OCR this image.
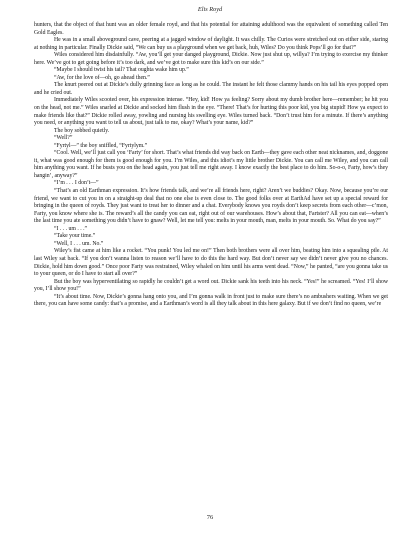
Elis Royd

hunters, that the object of that hunt was an older female royd, and that his potential for attaining adulthood was the equivalent of something called Ten Gold Eagles.

He was in a small aboveground cave, peering at a jagged window of daylight. It was chilly. The Curios were stretched out on either side, staring at nothing in particular. Finally Dickie said, “We can buy us a playground when we get back, huh, Wiles? Do you think Pops’ll go for that?”

Wiles considered him disdainfully. “Aw, you’ll get your danged playground, Dickie. Now just shut up, willya? I’m trying to exercise my thinker here. We’ve got to get going before it’s too dark, and we’ve got to make sure this kid’s on our side.”

“Maybe I should twist his tail? That oughta wake him up.”

“Aw, for the love of—oh, go ahead then.”

The knurt peered out at Dickie’s dully grinning face as long as he could. The instant he felt those clammy hands on his tail his eyes popped open and he cried out.

Immediately Wiles scooted over, his expression intense. “Hey, kid! How ya feeling? Sorry about my dumb brother here—remember; he hit you on the head, not me.” Wiles snarled at Dickie and socked him flush in the eye. “There! That’s for hurting this poor kid, you big stupid! How ya expect to make friends like that?” Dickie rolled away, yowling and nursing his swelling eye. Wiles turned back. “Don’t trust him for a minute. If there’s anything you need, or anything you want to tell us about, just talk to me, okay? What’s your name, kid?”

The boy sobbed quietly.

“Well?”

“Fyrtyl—” the boy sniffled, “Fyrtylym.”

“Cool. Well, we’ll just call you ‘Farty’ for short. That’s what friends did way back on Earth—they gave each other neat nicknames, and, doggone it, what was good enough for them is good enough for you. I’m Wiles, and this idiot’s my little brother Dickie. You can call me Wiley, and you can call him anything you want. If he busts you on the head again, you just tell me right away. I know exactly the best place to do him. So-o-o, Farty, how’s they hangin’, anyway?”

“I’m . . . I don’t—”

“That’s an old Earthman expression. It’s how friends talk, and we’re all friends here, right? Aren’t we buddies? Okay. Now, because you’re our friend, we want to cut you in on a straight-up deal that no one else is even close to. The good folks over at EarthAd have set up a special reward for bringing in the queen of royds. They just want to treat her to dinner and a chat. Everybody knows you royds don’t keep secrets from each other—c’mon, Farty, you know where she is. The reward’s all the candy you can eat, right out of our warehouses. How’s about that, Fartster? All you can eat—when’s the last time you ate something you didn’t have to gnaw? Well, let me tell you: melts in your mouth, man, melts in your mouth. So. What do you say?”

“I . . . um . . .”

“Take your time.”

“Well, I . . . um. No.”

Wiley’s fist came at him like a rocket. “You punk! You led me on!” Then both brothers were all over him, beating him into a squealing pile. At last Wiley sat back. “If you don’t wanna listen to reason we’ll have to do this the hard way. But don’t never say we didn’t never give you no chances. Dickie, hold him down good.” Once poor Farty was restrained, Wiley whaled on him until his arms went dead. “Now,” he panted, “are you gonna take us to your queen, or do I have to start all over?”

But the boy was hyperventilating so rapidly he couldn’t get a word out. Dickie sank his teeth into his neck. “Yes!” he screamed. “Yes! I’ll show you, I’ll show you!”

“It’s about time. Now, Dickie’s gonna hang onto you, and I’m gonna walk in front just to make sure there’s no ambushers waiting. When we get there, you can have some candy: that’s a promise, and a Earthman’s word is all they talk about in this here galaxy. But if we don’t find no queen, we’re

76
